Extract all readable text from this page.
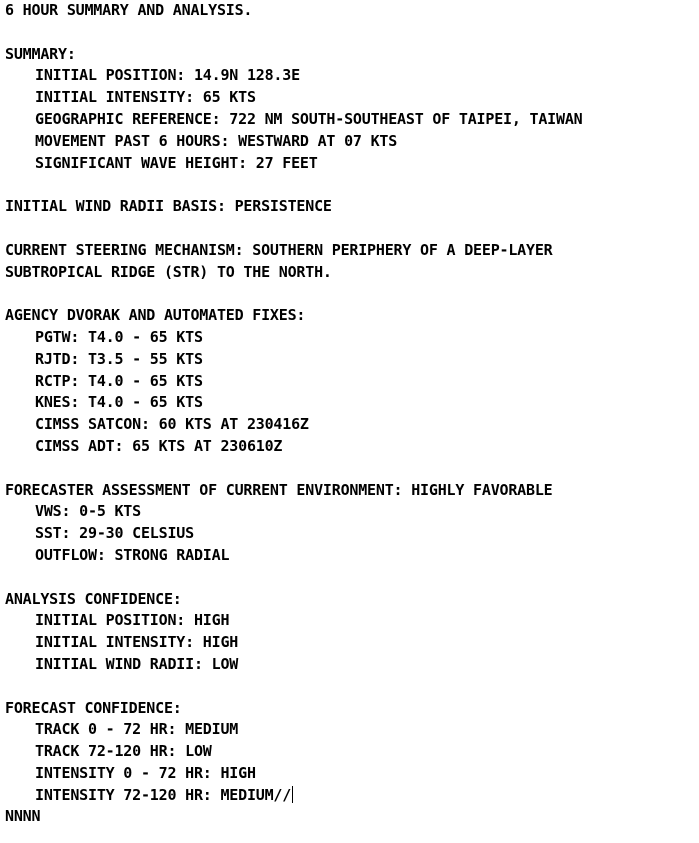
6 HOUR SUMMARY AND ANALYSIS.
SUMMARY:
INITIAL POSITION: 14.9N 128.3E
INITIAL INTENSITY: 65 KTS
GEOGRAPHIC REFERENCE: 722 NM SOUTH-SOUTHEAST OF TAIPEI, TAIWAN
MOVEMENT PAST 6 HOURS: WESTWARD AT 07 KTS
SIGNIFICANT WAVE HEIGHT: 27 FEET
INITIAL WIND RADII BASIS: PERSISTENCE
CURRENT STEERING MECHANISM: SOUTHERN PERIPHERY OF A DEEP-LAYER
SUBTROPICAL RIDGE (STR) TO THE NORTH.
AGENCY DVORAK AND AUTOMATED FIXES:
PGTW: T4.0 - 65 KTS
RJTD: T3.5 - 55 KTS
RCTP: T4.0 - 65 KTS
KNES: T4.0 - 65 KTS
CIMSS SATCON: 60 KTS AT 230416Z
CIMSS ADT: 65 KTS AT 230610Z
FORECASTER ASSESSMENT OF CURRENT ENVIRONMENT: HIGHLY FAVORABLE
VWS: 0-5 KTS
SST: 29-30 CELSIUS
OUTFLOW: STRONG RADIAL
ANALYSIS CONFIDENCE:
INITIAL POSITION: HIGH
INITIAL INTENSITY: HIGH
INITIAL WIND RADII: LOW
FORECAST CONFIDENCE:
TRACK 0 - 72 HR: MEDIUM
TRACK 72-120 HR: LOW
INTENSITY 0 - 72 HR: HIGH
INTENSITY 72-120 HR: MEDIUM//
NNNN
